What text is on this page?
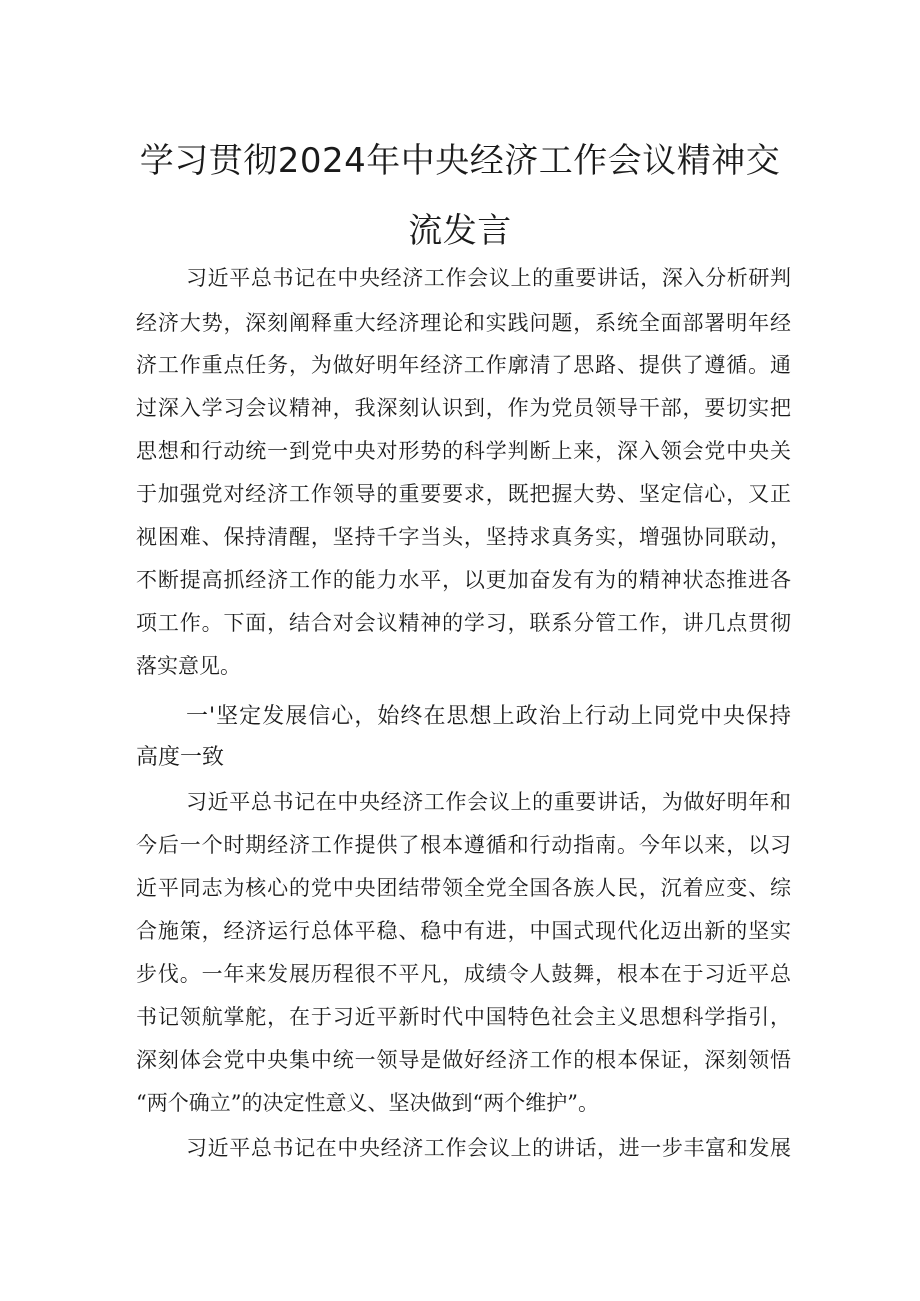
学习贯彻2024年中央经济工作会议精神交
流发言
习近平总书记在中央经济工作会议上的重要讲话，深入分析研判
经济大势，深刻阐释重大经济理论和实践问题，系统全面部署明年经
济工作重点任务，为做好明年经济工作廓清了思路、提供了遵循。通
过深入学习会议精神，我深刻认识到，作为党员领导干部，要切实把
思想和行动统一到党中央对形势的科学判断上来，深入领会党中央关
于加强党对经济工作领导的重要要求，既把握大势、坚定信心，又正
视困难、保持清醒，坚持千字当头，坚持求真务实，增强协同联动，
不断提高抓经济工作的能力水平，以更加奋发有为的精神状态推进各
项工作。下面，结合对会议精神的学习，联系分管工作，讲几点贯彻
落实意见。
一'坚定发展信心，始终在思想上政治上行动上同党中央保持
高度一致
习近平总书记在中央经济工作会议上的重要讲话，为做好明年和
今后一个时期经济工作提供了根本遵循和行动指南。今年以来，以习
近平同志为核心的党中央团结带领全党全国各族人民，沉着应变、综
合施策，经济运行总体平稳、稳中有进，中国式现代化迈出新的坚实
步伐。一年来发展历程很不平凡，成绩令人鼓舞，根本在于习近平总
书记领航掌舵，在于习近平新时代中国特色社会主义思想科学指引，
深刻体会党中央集中统一领导是做好经济工作的根本保证，深刻领悟
“两个确立”的决定性意义、坚决做到“两个维护”。
习近平总书记在中央经济工作会议上的讲话，进一步丰富和发展
